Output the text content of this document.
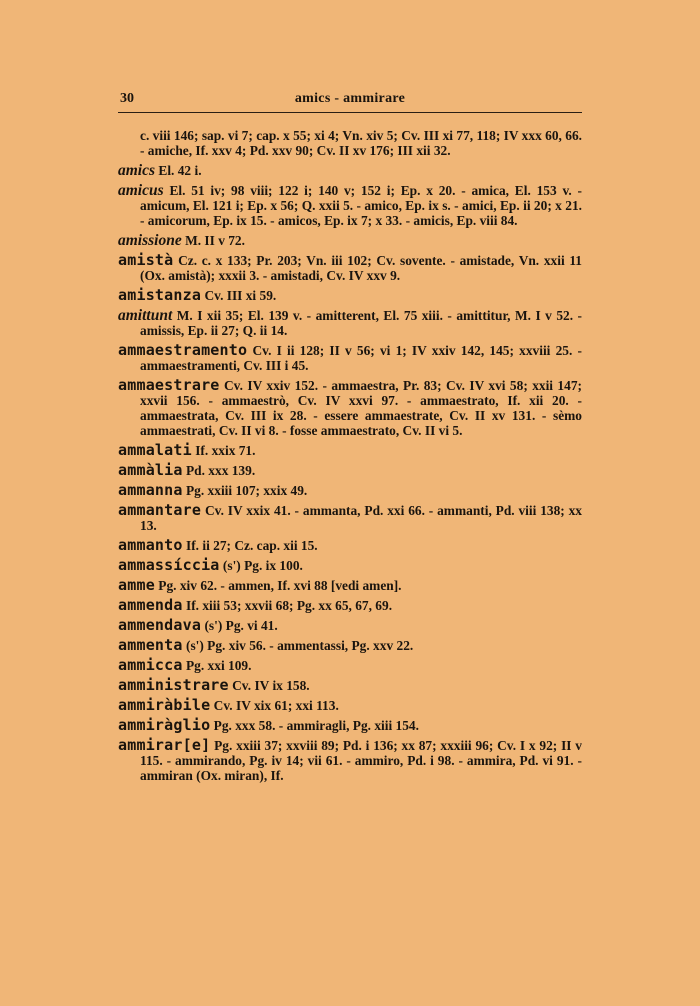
30	amics - ammirare
c. viii 146; sap. vi 7; cap. x 55; xi 4; Vn. xiv 5; Cv. III xi 77, 118; IV xxx 60, 66. - amiche, If. xxv 4; Pd. xxv 90; Cv. II xv 176; III xii 32.
amics El. 42 i.
amicus El. 51 iv; 98 viii; 122 i; 140 v; 152 i; Ep. x 20. - amica, El. 153 v. - amicum, El. 121 i; Ep. x 56; Q. xxii 5. - amico, Ep. ix s. - amici, Ep. ii 20; x 21. - amicorum, Ep. ix 15. - amicos, Ep. ix 7; x 33. - amicis, Ep. viii 84.
amissione M. II v 72.
amistà Cz. c. x 133; Pr. 203; Vn. iii 102; Cv. sovente. - amistade, Vn. xxii 11 (Ox. amistà); xxxii 3. - amistadi, Cv. IV xxv 9.
amistanza Cv. III xi 59.
amittunt M. I xii 35; El. 139 v. - amitterent, El. 75 xiii. - amittitur, M. I v 52. - amissis, Ep. ii 27; Q. ii 14.
ammaestramento Cv. I ii 128; II v 56; vi 1; IV xxiv 142, 145; xxviii 25. - ammaestramenti, Cv. III i 45.
ammaestrare Cv. IV xxiv 152. - ammaestra, Pr. 83; Cv. IV xvi 58; xxii 147; xxvii 156. - ammaestrò, Cv. IV xxvi 97. - ammaestrato, If. xii 20. - ammaestrata, Cv. III ix 28. - essere ammaestrate, Cv. II xv 131. - sèmo ammaestrati, Cv. II vi 8. - fosse ammaestrato, Cv. II vi 5.
ammalati If. xxix 71.
ammàlia Pd. xxx 139.
ammanna Pg. xxiii 107; xxix 49.
ammantare Cv. IV xxix 41. - ammanta, Pd. xxi 66. - ammanti, Pd. viii 138; xx 13.
ammanto If. ii 27; Cz. cap. xii 15.
ammassíccia (s') Pg. ix 100.
amme Pg. xiv 62. - ammen, If. xvi 88 [vedi amen].
ammenda If. xiii 53; xxvii 68; Pg. xx 65, 67, 69.
ammendava (s') Pg. vi 41.
ammenta (s') Pg. xiv 56. - ammentassi, Pg. xxv 22.
ammicca Pg. xxi 109.
amministrare Cv. IV ix 158.
ammiràbile Cv. IV xix 61; xxi 113.
ammiràglio Pg. xxx 58. - ammiragli, Pg. xiii 154.
ammirar[e] Pg. xxiii 37; xxviii 89; Pd. i 136; xx 87; xxxiii 96; Cv. I x 92; II v 115. - ammirando, Pg. iv 14; vii 61. - ammiro, Pd. i 98. - ammira, Pd. vi 91. - ammiran (Ox. miran), If.
